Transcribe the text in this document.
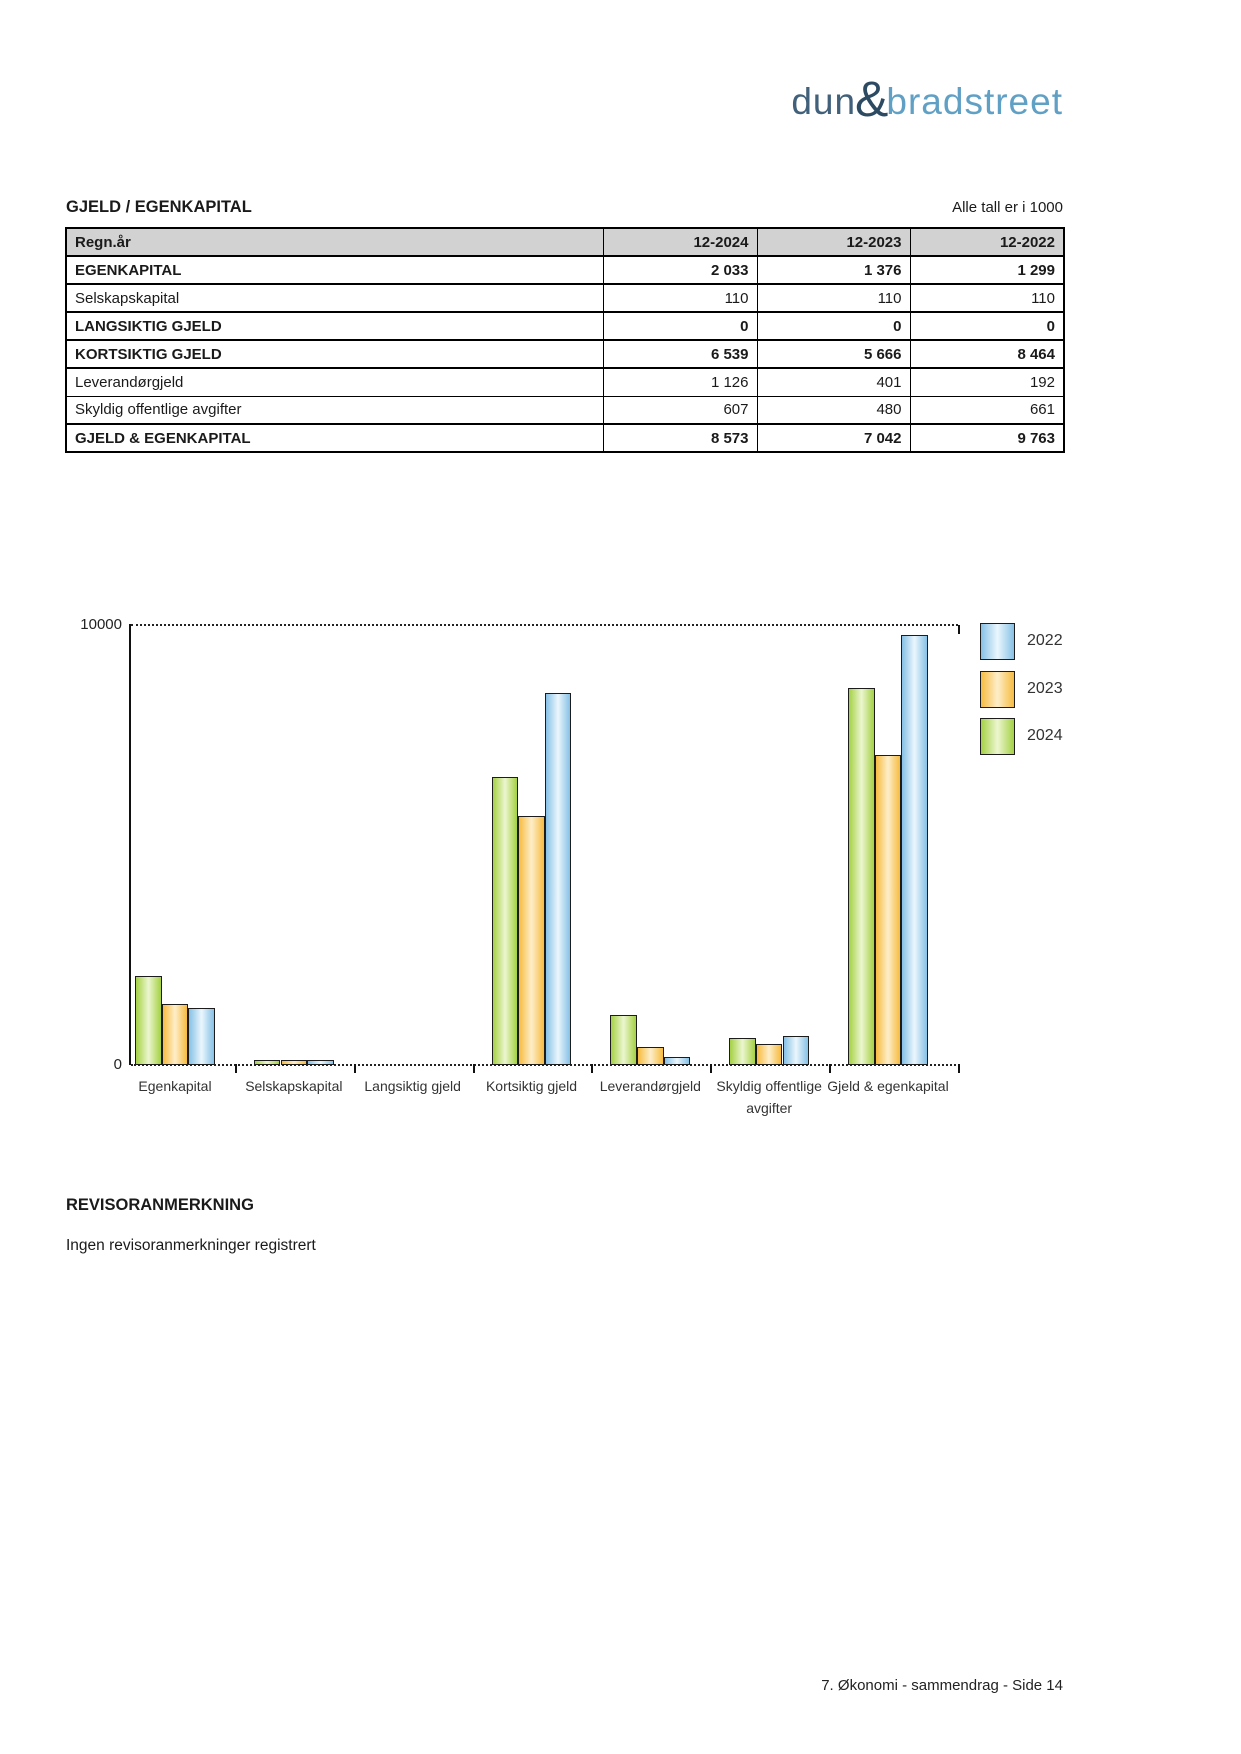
dun &
bradstreet
GJELD / EGENKAPITAL	Alle tall er i 1000
Regn.år	12-2024	12-2023	12-2022
EGENKAPITAL	2 033	1 376	1 299
Selskapskapital	110	110	110
LANGSIKTIG GJELD	0	0	0
KORTSIKTIG GJELD	6 539	5 666	8 464
Leverandørgjeld	1 126	401	192
Skyldig offentlige avgifter	607	480	661
GJELD & EGENKAPITAL	8 573	7 042	9 763
10000
0
Egenkapital	Selskapskapital	Langsiktig gjeld	Kortsiktig gjeld	Leverandørgjeld	Skyldig offentlige avgifter
Gjeld & egenkapital
2022
2023
2024
REVISORANMERKNING
Ingen revisoranmerkninger registrert
7. Økonomi - sammendrag - Side 14
